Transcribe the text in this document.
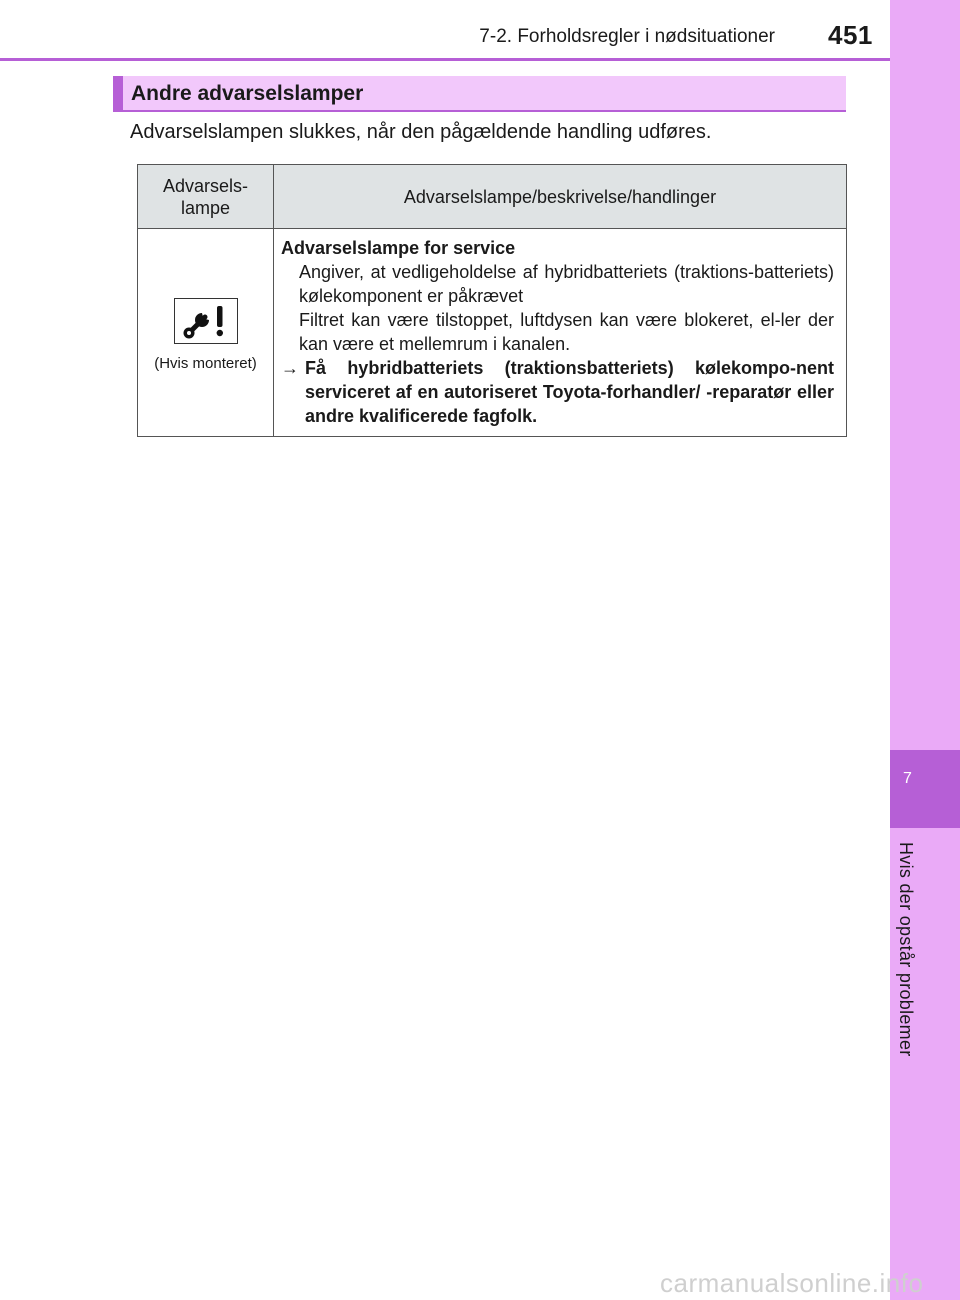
7
Hvis der opstår problemer
7-2. Forholdsregler i nødsituationer 451
Andre advarselslamper
Advarselslampen slukkes, når den pågældende handling udføres.
Advarsels-
lampe	Advarselslampe/beskrivelse/handlinger

(Hvis monteret)	Advarselslampe for service
Angiver, at vedligeholdelse af hybridbatteriets (traktions-batteriets) kølekomponent er påkrævet
Filtret kan være tilstoppet, luftdysen kan være blokeret, el-ler der kan være et mellemrum i kanalen.
→ Få hybridbatteriets (traktionsbatteriets) kølekompo-nent serviceret af en autoriseret Toyota-forhandler/ -reparatør eller andre kvalificerede fagfolk.
carmanualsonline.info
